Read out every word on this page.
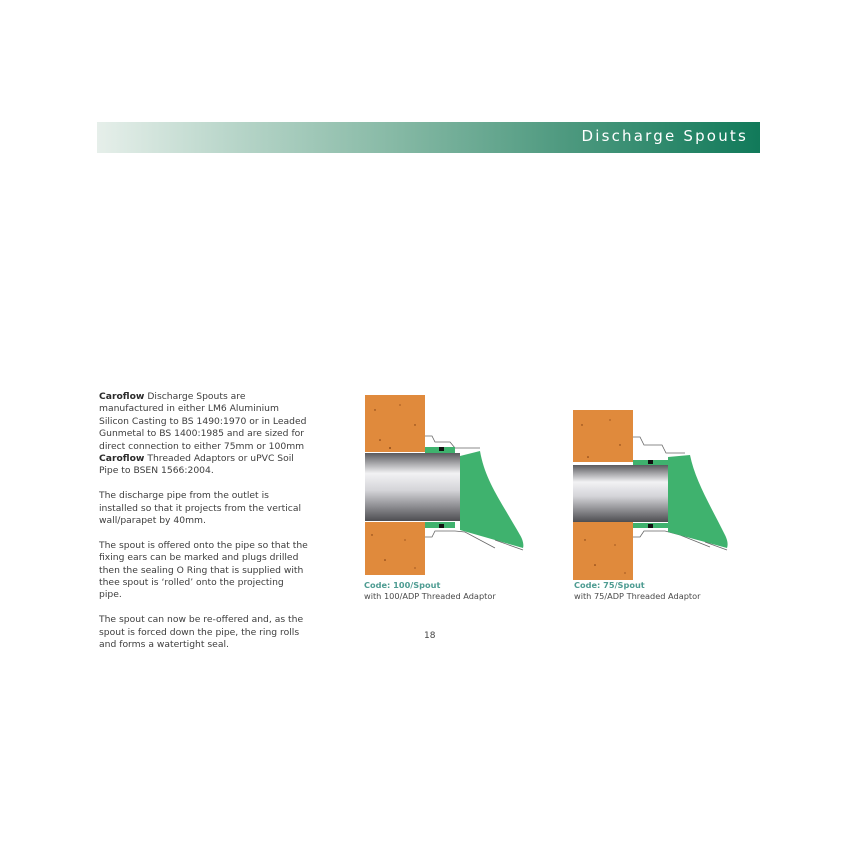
Discharge Spouts

Caroflow Discharge Spouts are manufactured in either LM6 Aluminium Silicon Casting to BS 1490:1970 or in Leaded Gunmetal to BS 1400:1985 and are sized for direct connection to either 75mm or 100mm Caroflow Threaded Adaptors or uPVC Soil Pipe to BSEN 1566:2004.

The discharge pipe from the outlet is installed so that it projects from the vertical wall/parapet by 40mm.

The spout is offered onto the pipe so that the fixing ears can be marked and plugs drilled then the sealing O Ring that is supplied with thee spout is ‘rolled’ onto the projecting pipe.

The spout can now be re-offered and, as the spout is forced down the pipe, the ring rolls and forms a watertight seal.

Code: 100/Spout
with 100/ADP Threaded Adaptor
Code: 75/Spout
with 75/ADP Threaded Adaptor
18
